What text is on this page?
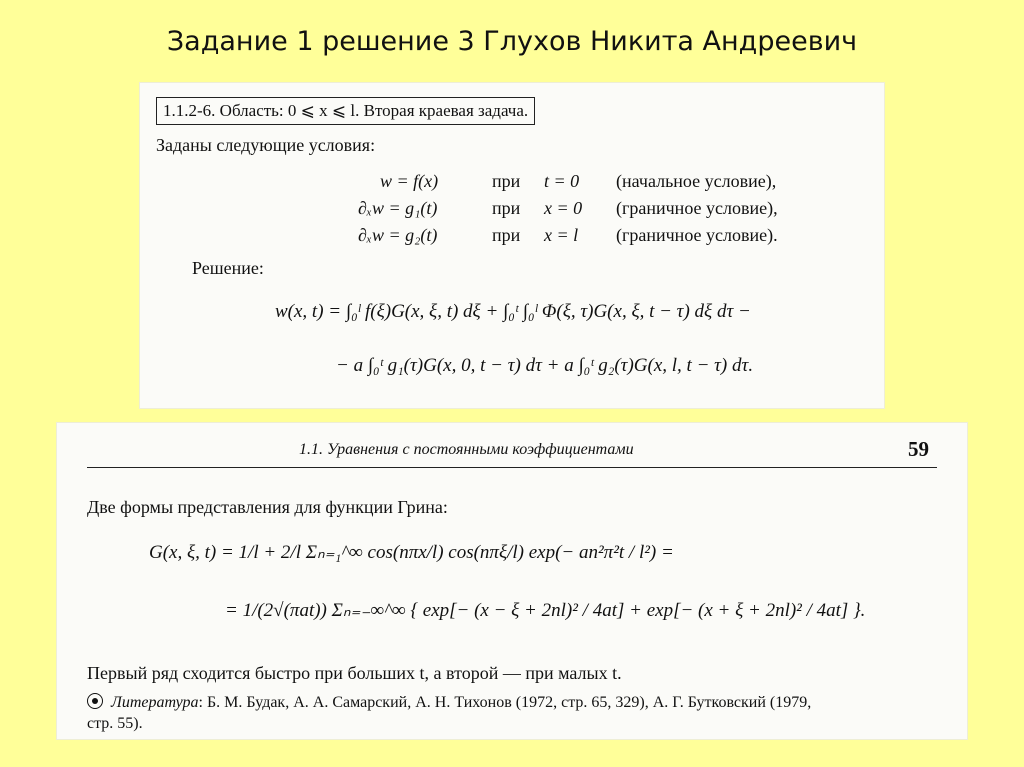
Задание 1 решение 3 Глухов Никита Андреевич
1.1.2-6. Область: 0 ⩽ x ⩽ l. Вторая краевая задача.
Заданы следующие условия:
w = f(x)	при t = 0 (начальное условие),
∂ₓw = g₁(t)	при x = 0 (граничное условие),
∂ₓw = g₂(t)	при x = l (граничное условие).
Решение:
w(x, t) = ∫₀ˡ f(ξ)G(x, ξ, t) dξ + ∫₀ᵗ ∫₀ˡ Φ(ξ, τ)G(x, ξ, t − τ) dξ dτ −
− a ∫₀ᵗ g₁(τ)G(x, 0, t − τ) dτ + a ∫₀ᵗ g₂(τ)G(x, l, t − τ) dτ.
1.1. Уравнения с постоянными коэффициентами	59
Две формы представления для функции Грина:
G(x, ξ, t) = 1/l + 2/l Σₙ₌₁^∞ cos(nπx/l) cos(nπξ/l) exp(− an²π²t / l²) =
= 1/(2√(πat)) Σₙ₌₋∞^∞ { exp[− (x − ξ + 2nl)² / 4at] + exp[− (x + ξ + 2nl)² / 4at] }.
Первый ряд сходится быстро при больших t, а второй — при малых t.
Литература: Б. М. Будак, А. А. Самарский, А. Н. Тихонов (1972, стр. 65, 329), А. Г. Бутковский (1979,
стр. 55).
